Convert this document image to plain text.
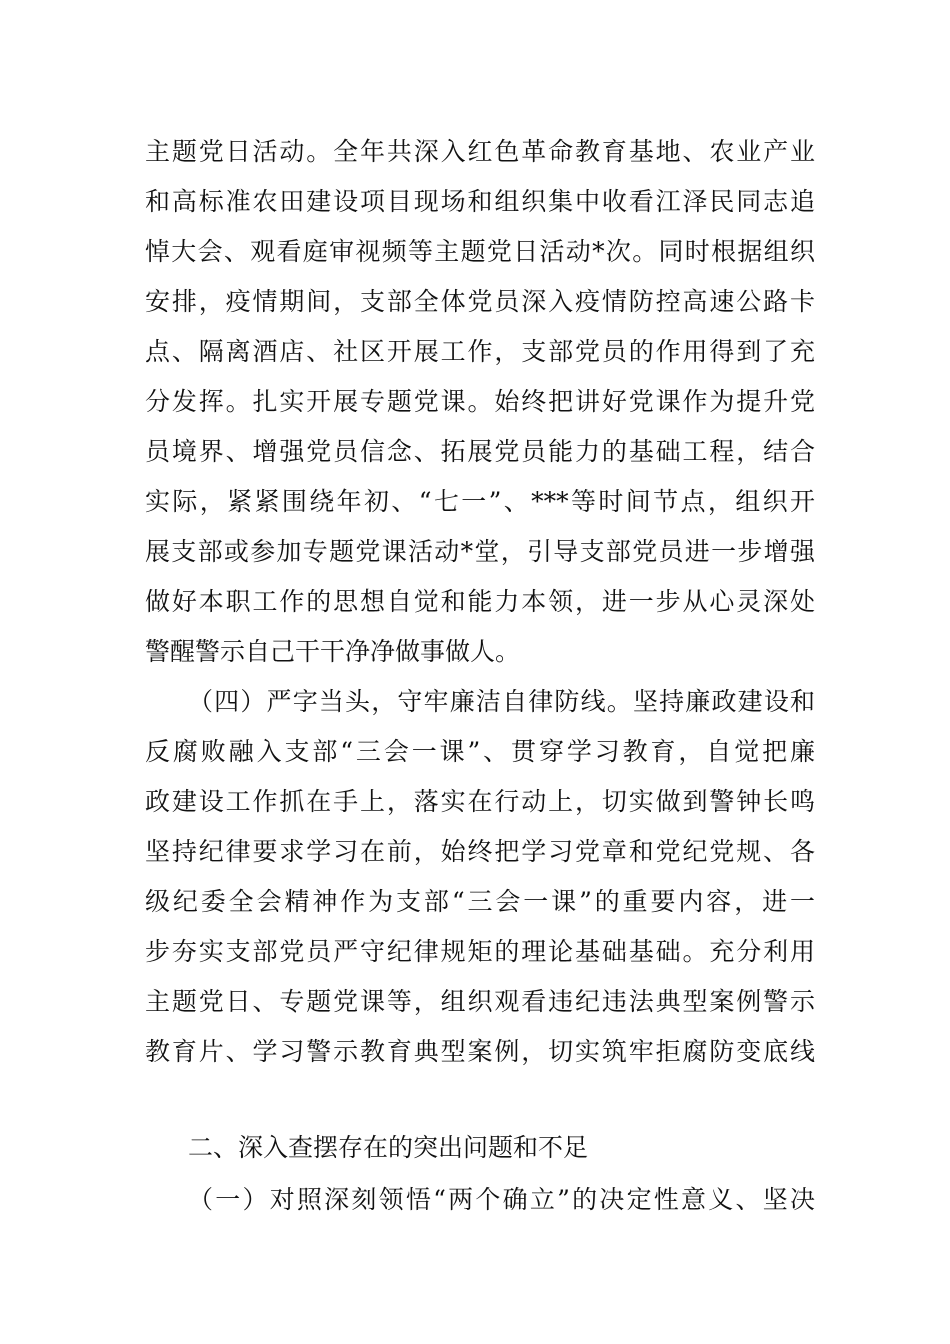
主题党日活动。全年共深入红色革命教育基地、农业产业
和高标准农田建设项目现场和组织集中收看江泽民同志追
悼大会、观看庭审视频等主题党日活动*次。同时根据组织
安排，疫情期间，支部全体党员深入疫情防控高速公路卡
点、隔离酒店、社区开展工作，支部党员的作用得到了充
分发挥。扎实开展专题党课。始终把讲好党课作为提升党
员境界、增强党员信念、拓展党员能力的基础工程，结合
实际，紧紧围绕年初、“七一”、***等时间节点，组织开
展支部或参加专题党课活动*堂，引导支部党员进一步增强
做好本职工作的思想自觉和能力本领，进一步从心灵深处
警醒警示自己干干净净做事做人。
（四）严字当头，守牢廉洁自律防线。坚持廉政建设和
反腐败融入支部“三会一课”、贯穿学习教育，自觉把廉
政建设工作抓在手上，落实在行动上，切实做到警钟长鸣
坚持纪律要求学习在前，始终把学习党章和党纪党规、各
级纪委全会精神作为支部“三会一课”的重要内容，进一
步夯实支部党员严守纪律规矩的理论基础基础。充分利用
主题党日、专题党课等，组织观看违纪违法典型案例警示
教育片、学习警示教育典型案例，切实筑牢拒腐防变底线
二、深入查摆存在的突出问题和不足
（一）对照深刻领悟“两个确立”的决定性意义、坚决
